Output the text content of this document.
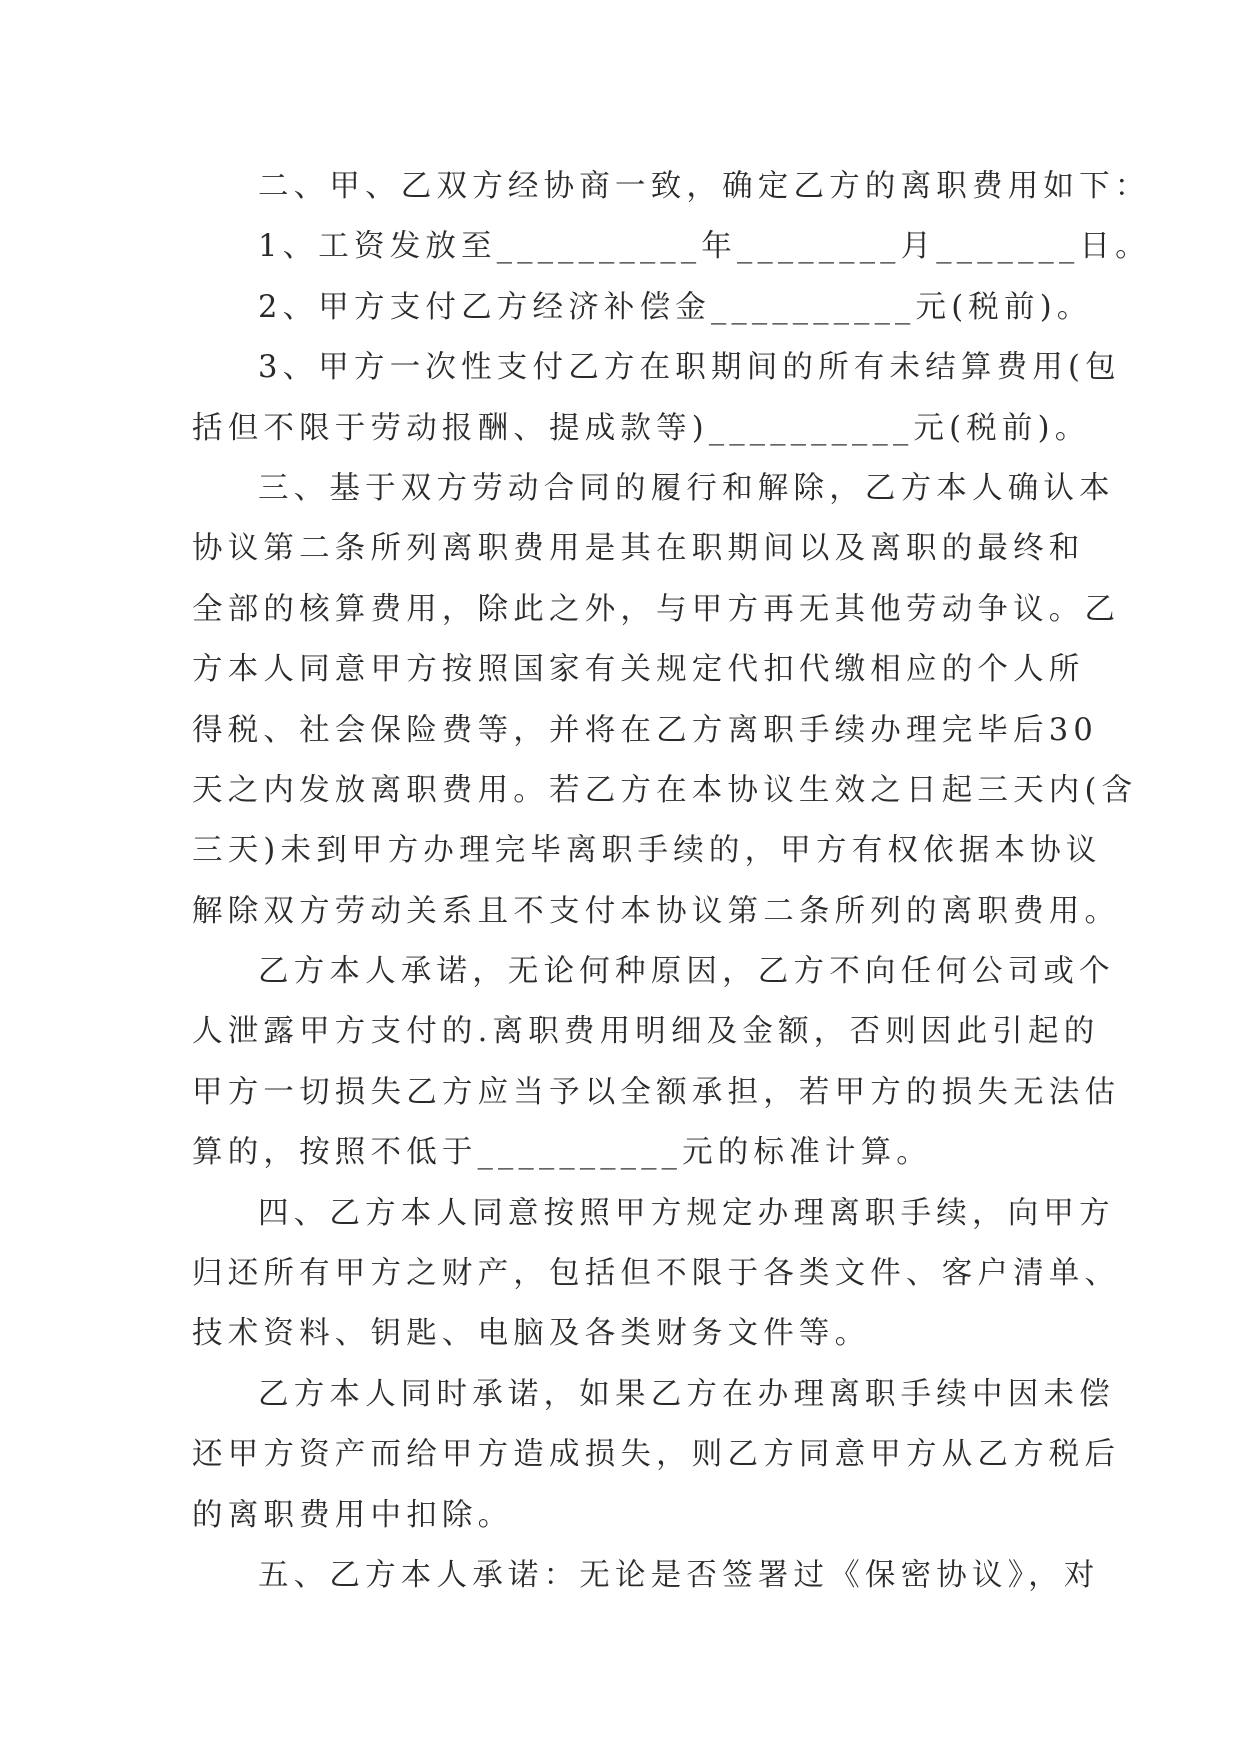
二、甲、乙双方经协商一致，确定乙方的离职费用如下：
1、工资发放至__________年________月_______日。
2、甲方支付乙方经济补偿金__________元(税前)。
3、甲方一次性支付乙方在职期间的所有未结算费用(包
括但不限于劳动报酬、提成款等)__________元(税前)。
三、基于双方劳动合同的履行和解除，乙方本人确认本
协议第二条所列离职费用是其在职期间以及离职的最终和
全部的核算费用，除此之外，与甲方再无其他劳动争议。乙
方本人同意甲方按照国家有关规定代扣代缴相应的个人所
得税、社会保险费等，并将在乙方离职手续办理完毕后30
天之内发放离职费用。若乙方在本协议生效之日起三天内(含
三天)未到甲方办理完毕离职手续的，甲方有权依据本协议
解除双方劳动关系且不支付本协议第二条所列的离职费用。
乙方本人承诺，无论何种原因，乙方不向任何公司或个
人泄露甲方支付的.离职费用明细及金额，否则因此引起的
甲方一切损失乙方应当予以全额承担，若甲方的损失无法估
算的，按照不低于__________元的标准计算。
四、乙方本人同意按照甲方规定办理离职手续，向甲方
归还所有甲方之财产，包括但不限于各类文件、客户清单、
技术资料、钥匙、电脑及各类财务文件等。
乙方本人同时承诺，如果乙方在办理离职手续中因未偿
还甲方资产而给甲方造成损失，则乙方同意甲方从乙方税后
的离职费用中扣除。
五、乙方本人承诺：无论是否签署过《保密协议》，对
